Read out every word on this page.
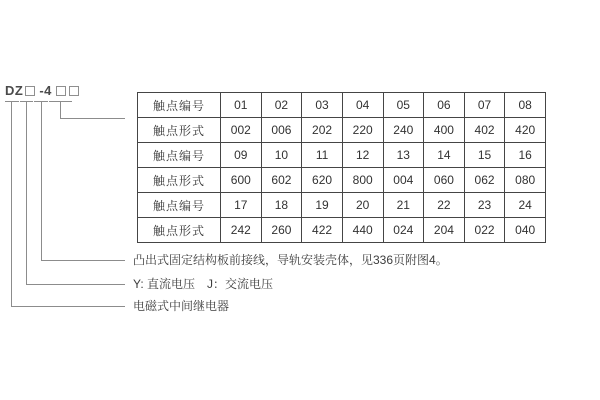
DZ -4
触点编号	01	02	03	04	05	06	07	08
触点形式	002	006	202	220	240	400	402	420
触点编号	09	10	11	12	13	14	15	16
触点形式	600	602	620	800	004	060	062	080
触点编号	17	18	19	20	21	22	23	24
触点形式	242	260	422	440	024	204	022	040
凸出式固定结构板前接线，导轨安装壳体，见336页附图4。
Y: 直流电压　J：交流电压
电磁式中间继电器
